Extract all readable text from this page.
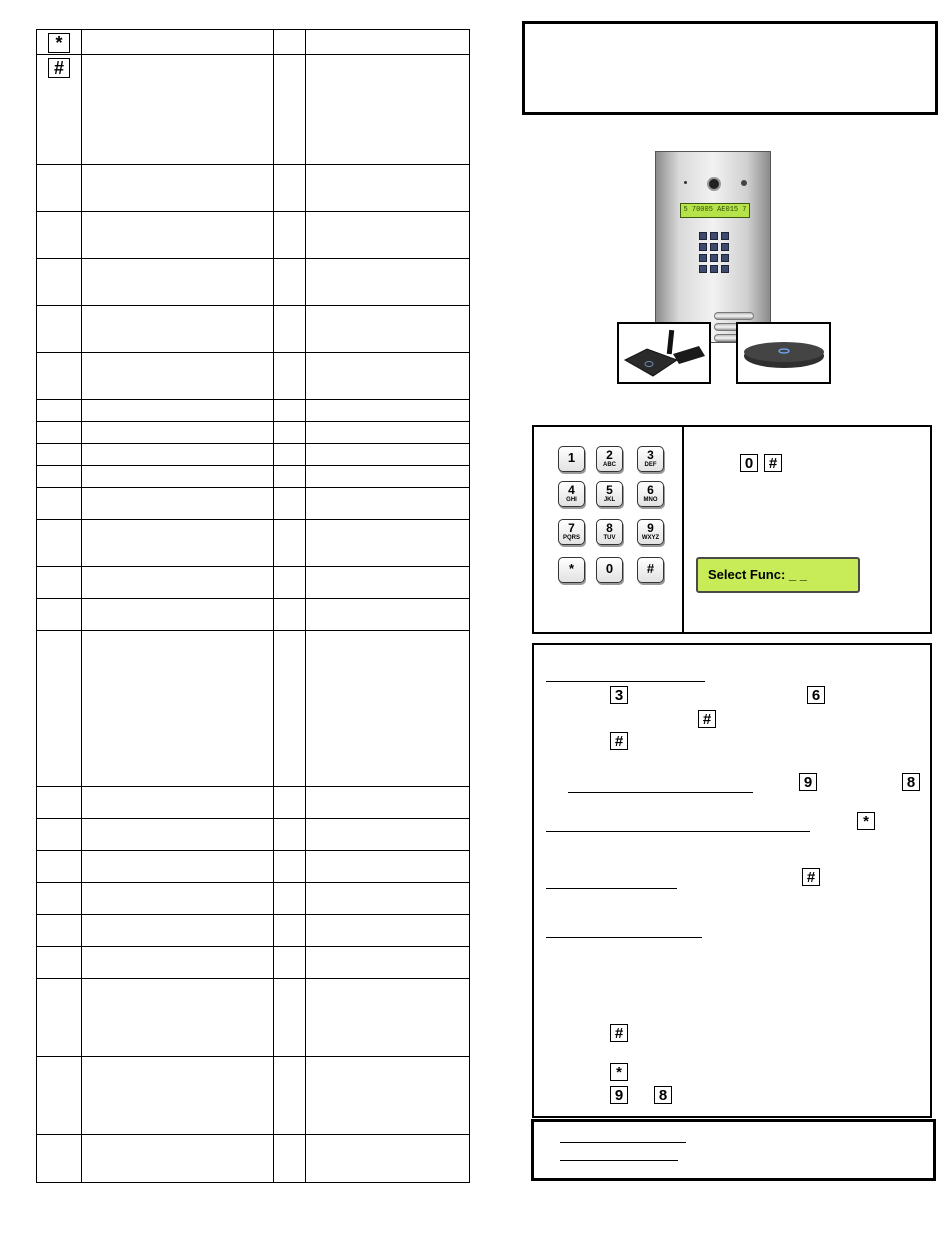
*			
#			

5 70005 AE015 7
1	2
ABC
3
DEF
4
GHI
5
JKL
6
MNO
7
PQRS
8
TUV
9
WXYZ
*	0	#
0	#
Select Func: _ _
3	6
#
#
9	8
*
#
#
*
9	8
